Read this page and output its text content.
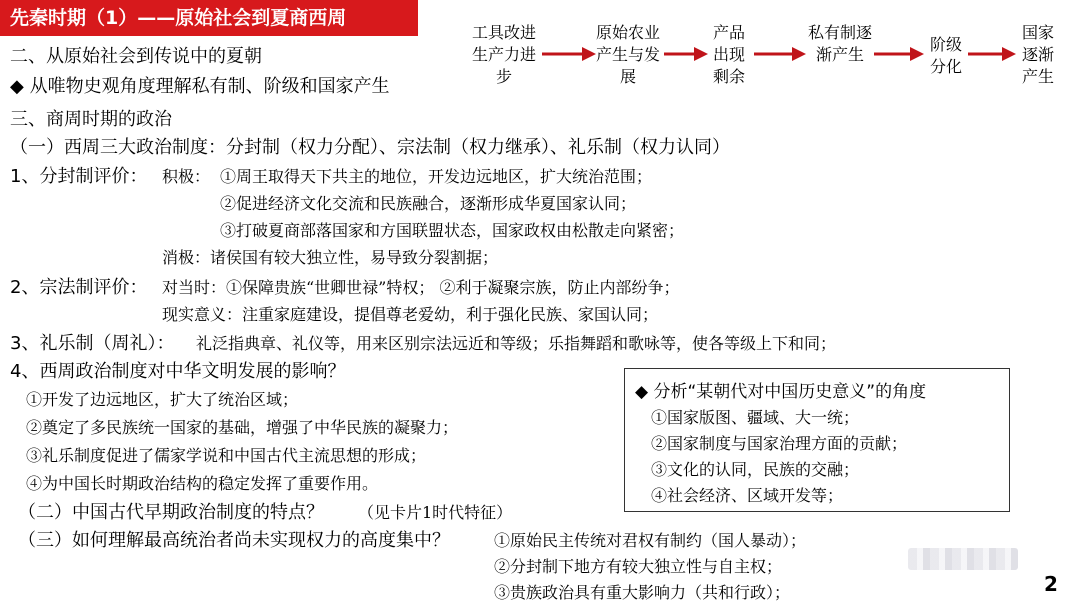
先秦时期（1）——原始社会到夏商西周
二、从原始社会到传说中的夏朝
◆ 从唯物史观角度理解私有制、阶级和国家产生
工具改进生产力进步
原始农业产生与发展
产品出现剩余
私有制逐渐产生
阶级分化
国家逐渐产生
三、商周时期的政治
（一）西周三大政治制度：分封制（权力分配）、宗法制（权力继承）、礼乐制（权力认同）
1、分封制评价： 积极： ①周王取得天下共主的地位，开发边远地区，扩大统治范围；
②促进经济文化交流和民族融合，逐渐形成华夏国家认同；
③打破夏商部落国家和方国联盟状态，国家政权由松散走向紧密；
消极：诸侯国有较大独立性，易导致分裂割据；
2、宗法制评价： 对当时：①保障贵族“世卿世禄”特权； ②利于凝聚宗族，防止内部纷争；
现实意义：注重家庭建设，提倡尊老爱幼，利于强化民族、家国认同；
3、礼乐制（周礼）： 礼泛指典章、礼仪等，用来区别宗法远近和等级；乐指舞蹈和歌咏等，使各等级上下和同；
4、西周政治制度对中华文明发展的影响？
①开发了边远地区，扩大了统治区域；
②奠定了多民族统一国家的基础，增强了中华民族的凝聚力；
③礼乐制度促进了儒家学说和中国古代主流思想的形成；
④为中国长时期政治结构的稳定发挥了重要作用。
（二）中国古代早期政治制度的特点？ （见卡片1时代特征）
（三）如何理解最高统治者尚未实现权力的高度集中？	①原始民主传统对君权有制约（国人暴动）；
②分封制下地方有较大独立性与自主权；
③贵族政治具有重大影响力（共和行政）；
◆ 分析“某朝代对中国历史意义”的角度
①国家版图、疆域、大一统；
②国家制度与国家治理方面的贡献；
③文化的认同，民族的交融；
④社会经济、区域开发等；
2
